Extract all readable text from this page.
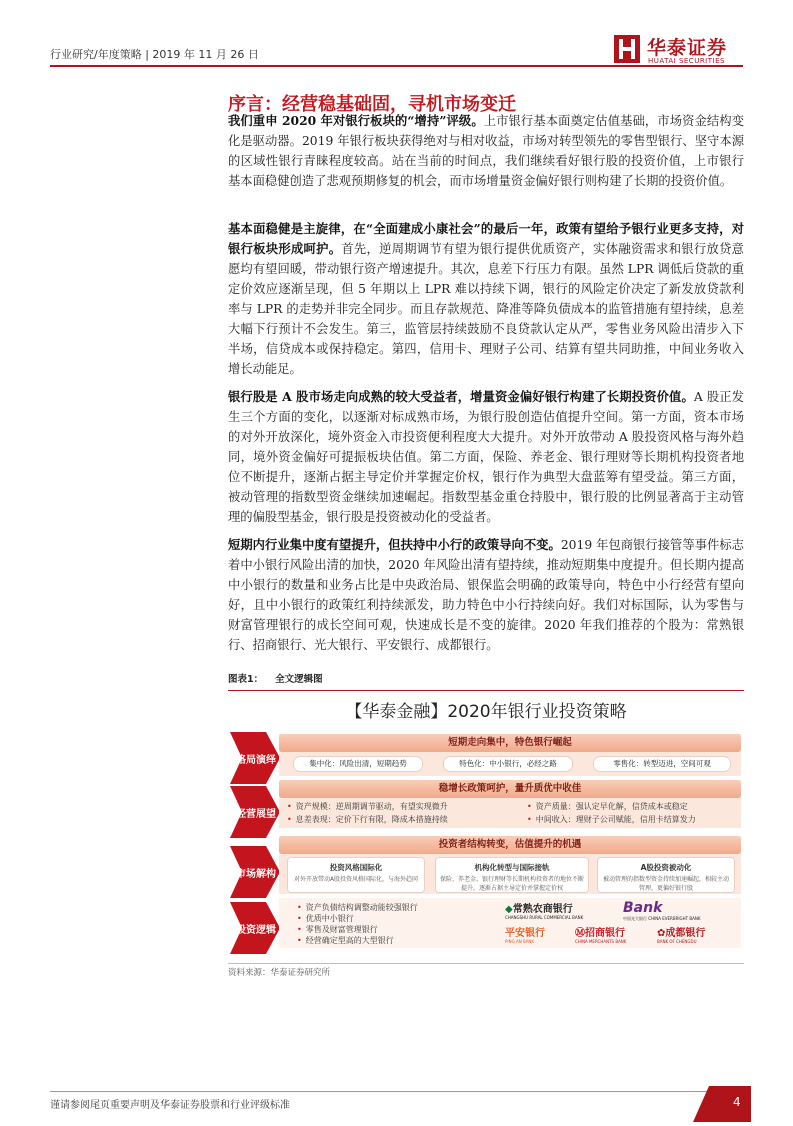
行业研究/年度策略 | 2019 年 11 月 26 日	华泰证券
HUATAI SECURITIES
序言：经营稳基础固，寻机市场变迁
我们重申 2020 年对银行板块的“增持”评级。上市银行基本面奠定估值基础，市场资金结构变化是驱动器。2019 年银行板块获得绝对与相对收益，市场对转型领先的零售型银行、坚守本源的区域性银行青睐程度较高。站在当前的时间点，我们继续看好银行股的投资价值，上市银行基本面稳健创造了悲观预期修复的机会，而市场增量资金偏好银行则构建了长期的投资价值。
基本面稳健是主旋律，在“全面建成小康社会”的最后一年，政策有望给予银行业更多支持，对银行板块形成呵护。首先，逆周期调节有望为银行提供优质资产，实体融资需求和银行放贷意愿均有望回暖，带动银行资产增速提升。其次，息差下行压力有限。虽然 LPR 调低后贷款的重定价效应逐渐呈现，但 5 年期以上 LPR 难以持续下调，银行的风险定价决定了新发放贷款利率与 LPR 的走势并非完全同步。而且存款规范、降准等降负债成本的监管措施有望持续，息差大幅下行预计不会发生。第三，监管层持续鼓励不良贷款认定从严，零售业务风险出清步入下半场，信贷成本或保持稳定。第四，信用卡、理财子公司、结算有望共同助推，中间业务收入增长动能足。
银行股是 A 股市场走向成熟的较大受益者，增量资金偏好银行构建了长期投资价值。A 股正发生三个方面的变化，以逐渐对标成熟市场，为银行股创造估值提升空间。第一方面，资本市场的对外开放深化，境外资金入市投资便利程度大大提升。对外开放带动 A 股投资风格与海外趋同，境外资金偏好可提振板块估值。第二方面，保险、养老金、银行理财等长期机构投资者地位不断提升，逐渐占据主导定价并掌握定价权，银行作为典型大盘蓝筹有望受益。第三方面，被动管理的指数型资金继续加速崛起。指数型基金重仓持股中，银行股的比例显著高于主动管理的偏股型基金，银行股是投资被动化的受益者。
短期内行业集中度有望提升，但扶持中小行的政策导向不变。2019 年包商银行接管等事件标志着中小银行风险出清的加快，2020 年风险出清有望持续，推动短期集中度提升。但长期内提高中小银行的数量和业务占比是中央政治局、银保监会明确的政策导向，特色中小行经营有望向好，且中小银行的政策红利持续派发，助力特色中小行持续向好。我们对标国际，认为零售与财富管理银行的成长空间可观，快速成长是不变的旋律。2020 年我们推荐的个股为：常熟银行、招商银行、光大银行、平安银行、成都银行。
图表1： 全文逻辑图
【华泰金融】2020年银行业投资策略
格局演绎
短期走向集中，特色银行崛起
集中化：风险出清，短期趋势	特色化：中小银行，必经之路	零售化：转型迈进，空间可观
经营展望
稳增长政策呵护，量升质优中收佳
• 资产规模：逆周期调节驱动，有望实现微升	• 资产质量：强认定早化解，信贷成本或稳定
• 息差表现：定价下行有限，降成本措施持续	• 中间收入：理财子公司赋能，信用卡结算发力
市场解构
投资者结构转变，估值提升的机遇
投资风格国际化
对外开放带动A股投资风格国际化，与海外趋同
机构化转型与国际接轨
保险、养老金、银行理财等长期机构投资者的地位不断提升，逐渐占据主导定价并掌握定价权
A股投资被动化
被动管理的指数型资金持续加速崛起，相较主动管理，更偏好银行股
投资逻辑
• 资产负债结构调整动能较强银行
• 优质中小银行
• 零售及财富管理银行
• 经营确定型高的大型银行
◆常熟农商银行
CHANGSHU RURAL COMMERCIAL BANK
Bank
中国光大银行 CHINA EVERBRIGHT BANK
平安银行
PING AN BANK
Ⓜ招商银行
CHINA MERCHANTS BANK
✿成都银行
BANK OF CHENGDU
资料来源：华泰证券研究所
谨请参阅尾页重要声明及华泰证券股票和行业评级标准	4
